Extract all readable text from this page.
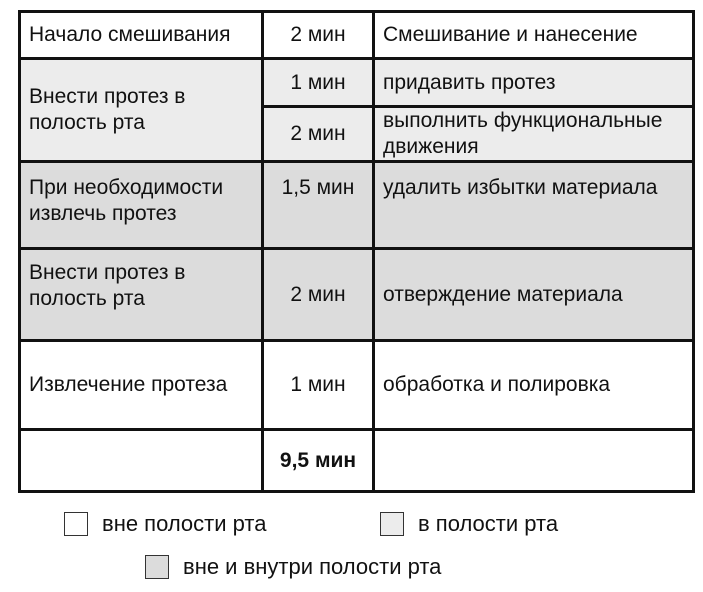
Начало смешивания	2 мин	Смешивание и нанесение
Внести протез в полость рта	1 мин	придавить протез
	2 мин	выполнить функциональные движения
При необходимости извлечь протез	1,5 мин	удалить избытки материала
Внести протез в полость рта	2 мин	отверждение материала
Извлечение протеза	1 мин	обработка и полировка
	9,5 мин	
вне полости рта	в полости рта
вне и внутри полости рта
